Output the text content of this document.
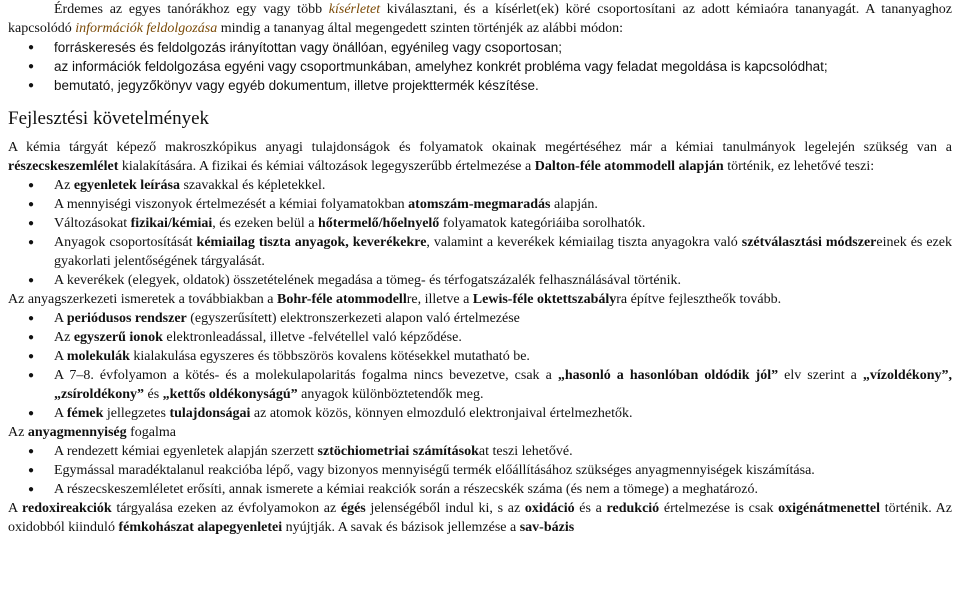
Érdemes az egyes tanórákhoz egy vagy több kísérletet kiválasztani, és a kísérlet(ek) köré csoportosítani az adott kémiaóra tananyagát. A tananyaghoz kapcsolódó információk feldolgozása mindig a tananyag által megengedett szinten történjék az alábbi módon:

● forráskeresés és feldolgozás irányítottan vagy önállóan, egyénileg vagy csoportosan;
● az információk feldolgozása egyéni vagy csoportmunkában, amelyhez konkrét probléma vagy feladat megoldása is kapcsolódhat;
● bemutató, jegyzőkönyv vagy egyéb dokumentum, illetve projekttermék készítése.
Fejlesztési követelmények

A kémia tárgyát képező makroszkópikus anyagi tulajdonságok és folyamatok okainak megértéséhez már a kémiai tanulmányok legelején szükség van a részecskeszemlélet kialakítására. A fizikai és kémiai változások legegyszerűbb értelmezése a Dalton-féle atommodell alapján történik, ez lehetővé teszi:

● Az egyenletek leírása szavakkal és képletekkel.
● A mennyiségi viszonyok értelmezését a kémiai folyamatokban atomszám-megmaradás alapján.
● Változásokat fizikai/kémiai, és ezeken belül a hőtermelő/hőelnyelő folyamatok kategóriáiba sorolhatók.
● Anyagok csoportosítását kémiailag tiszta anyagok, keverékekre, valamint a keverékek kémiailag tiszta anyagokra való szétválasztási módszereinek és ezek gyakorlati jelentőségének tárgyalását.
● A keverékek (elegyek, oldatok) összetételének megadása a tömeg- és térfogatszázalék felhasználásával történik.

Az anyagszerkezeti ismeretek a továbbiakban a Bohr-féle atommodellre, illetve a Lewis-féle oktettszabályra építve fejlesztheők tovább.

● A periódusos rendszer (egyszerűsített) elektronszerkezeti alapon való értelmezése
● Az egyszerű ionok elektronleadással, illetve -felvétellel való képződése.
● A molekulák kialakulása egyszeres és többszörös kovalens kötésekkel mutatható be.
● A 7–8. évfolyamon a kötés- és a molekulapolaritás fogalma nincs bevezetve, csak a „hasonló a hasonlóban oldódik jól” elv szerint a „vízoldékony”, „zsíroldékony” és „kettős oldékonyságú” anyagok különböztetendők meg.
● A fémek jellegzetes tulajdonságai az atomok közös, könnyen elmozduló elektronjaival értelmezhetők.

Az anyagmennyiség fogalma

● A rendezett kémiai egyenletek alapján szerzett sztöchiometriai számításokat teszi lehetővé.
● Egymással maradéktalanul reakcióba lépő, vagy bizonyos mennyiségű termék előállításához szükséges anyagmennyiségek kiszámítása.
● A részecskeszemléletet erősíti, annak ismerete a kémiai reakciók során a részecskék száma (és nem a tömege) a meghatározó.

A redoxireakciók tárgyalása ezeken az évfolyamokon az égés jelenségéből indul ki, s az oxidáció és a redukció értelmezése is csak oxigénátmenettel történik. Az oxidobból kiinduló fémkohászat alapegyenletei nyújtják. A savak és bázisok jellemzése a sav-bázis
